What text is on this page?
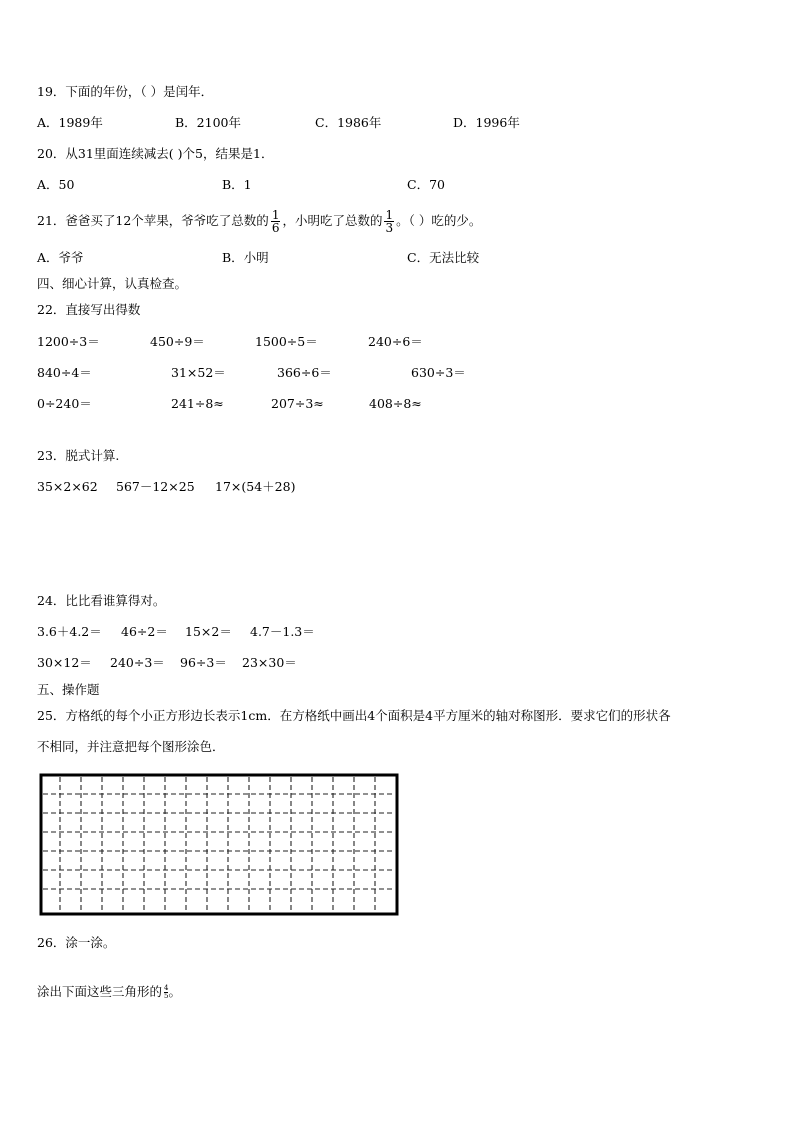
19．下面的年份，（ ）是闰年．
A．1989年	B．2100年	C．1986年	D．1996年
20．从31里面连续减去( )个5，结果是1．
A．50	B．1	C．70
21．爸爸买了12个苹果，爷爷吃了总数的 $\frac{1}{6}$ ，小明吃了总数的 $\frac{1}{3}$ 。（ ）吃的少。
A．爷爷	B．小明	C．无法比较
四、细心计算，认真检查。
22．直接写出得数
1200÷3＝	450÷9＝	1500÷5＝	240÷6＝
840÷4＝	31×52＝	366÷6＝	630÷3＝
0÷240＝	241÷8≈	207÷3≈	408÷8≈
23．脱式计算.
35×2×62 567－12×25 17×(54＋28)
24．比比看谁算得对。
3.6＋4.2＝ 46÷2＝ 15×2＝ 4.7－1.3＝
30×12＝ 240÷3＝ 96÷3＝ 23×30＝
五、操作题
25．方格纸的每个小正方形边长表示1cm．在方格纸中画出4个面积是4平方厘米的轴对称图形．要求它们的形状各
不相同，并注意把每个图形涂色．
26．涂一涂。
涂出下面这些三角形的 $\frac{4}{5}$ 。
